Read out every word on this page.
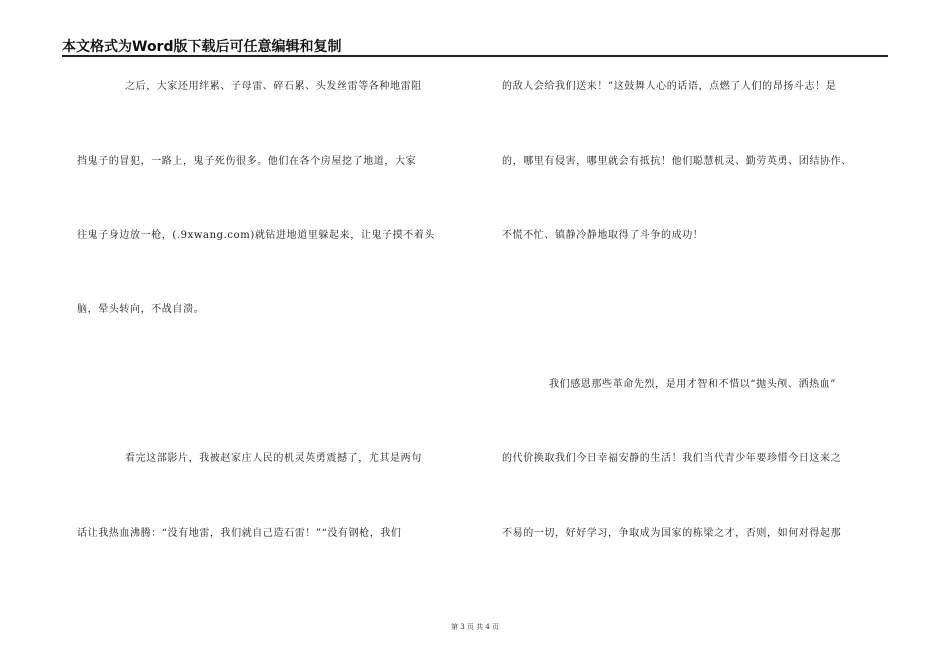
本文格式为Word版下载后可任意编辑和复制
之后，大家还用绊累、子母雷、碎石累、头发丝雷等各种地雷阻
挡鬼子的冒犯，一路上，鬼子死伤很多。他们在各个房屋挖了地道，大家
往鬼子身边放一枪，(.9xwang.com)就钻进地道里躲起来，让鬼子摸不着头
脑，晕头转向，不战自溃。
看完这部影片，我被赵家庄人民的机灵英勇震撼了，尤其是两句
话让我热血沸腾：“没有地雷，我们就自己造石雷！”“没有钢枪，我们
的敌人会给我们送来！”这鼓舞人心的话语，点燃了人们的昂扬斗志！是
的，哪里有侵害，哪里就会有抵抗！他们聪慧机灵、勤劳英勇、团结协作、
不慌不忙、镇静冷静地取得了斗争的成功！
我们感恩那些革命先烈，是用才智和不惜以“抛头颅、洒热血”
的代价换取我们今日幸福安静的生活！我们当代青少年要珍惜今日这来之
不易的一切，好好学习，争取成为国家的栋梁之才，否则，如何对得起那
第 3 页 共 4 页
